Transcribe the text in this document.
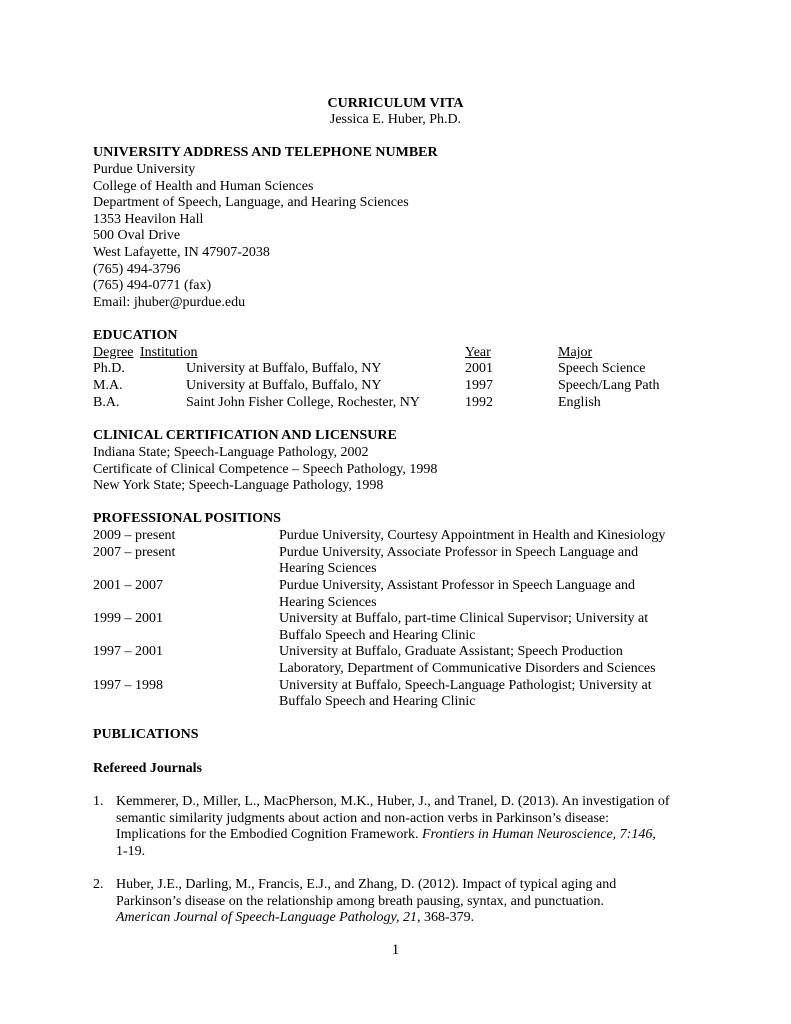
CURRICULUM VITA
Jessica E. Huber, Ph.D.
UNIVERSITY ADDRESS AND TELEPHONE NUMBER
Purdue University
College of Health and Human Sciences
Department of Speech, Language, and Hearing Sciences
1353 Heavilon Hall
500 Oval Drive
West Lafayette, IN 47907-2038
(765) 494-3796
(765) 494-0771 (fax)
Email: jhuber@purdue.edu
EDUCATION
Degree Institution	Year	Major
Ph.D.	University at Buffalo, Buffalo, NY	2001	Speech Science
M.A.	University at Buffalo, Buffalo, NY	1997	Speech/Lang Path
B.A.	Saint John Fisher College, Rochester, NY	1992	English
CLINICAL CERTIFICATION AND LICENSURE
Indiana State; Speech-Language Pathology, 2002
Certificate of Clinical Competence – Speech Pathology, 1998
New York State; Speech-Language Pathology, 1998
PROFESSIONAL POSITIONS
2009 – present	Purdue University, Courtesy Appointment in Health and Kinesiology
2007 – present	Purdue University, Associate Professor in Speech Language and
Hearing Sciences
2001 – 2007	Purdue University, Assistant Professor in Speech Language and
Hearing Sciences
1999 – 2001	University at Buffalo, part-time Clinical Supervisor; University at
Buffalo Speech and Hearing Clinic
1997 – 2001	University at Buffalo, Graduate Assistant; Speech Production
Laboratory, Department of Communicative Disorders and Sciences
1997 – 1998	University at Buffalo, Speech-Language Pathologist; University at
Buffalo Speech and Hearing Clinic
PUBLICATIONS
Refereed Journals
1. Kemmerer, D., Miller, L., MacPherson, M.K., Huber, J., and Tranel, D. (2013). An investigation of
semantic similarity judgments about action and non-action verbs in Parkinson’s disease:
Implications for the Embodied Cognition Framework. Frontiers in Human Neuroscience, 7:146,
1-19.
2. Huber, J.E., Darling, M., Francis, E.J., and Zhang, D. (2012). Impact of typical aging and
Parkinson’s disease on the relationship among breath pausing, syntax, and punctuation.
American Journal of Speech-Language Pathology, 21, 368-379.
1
